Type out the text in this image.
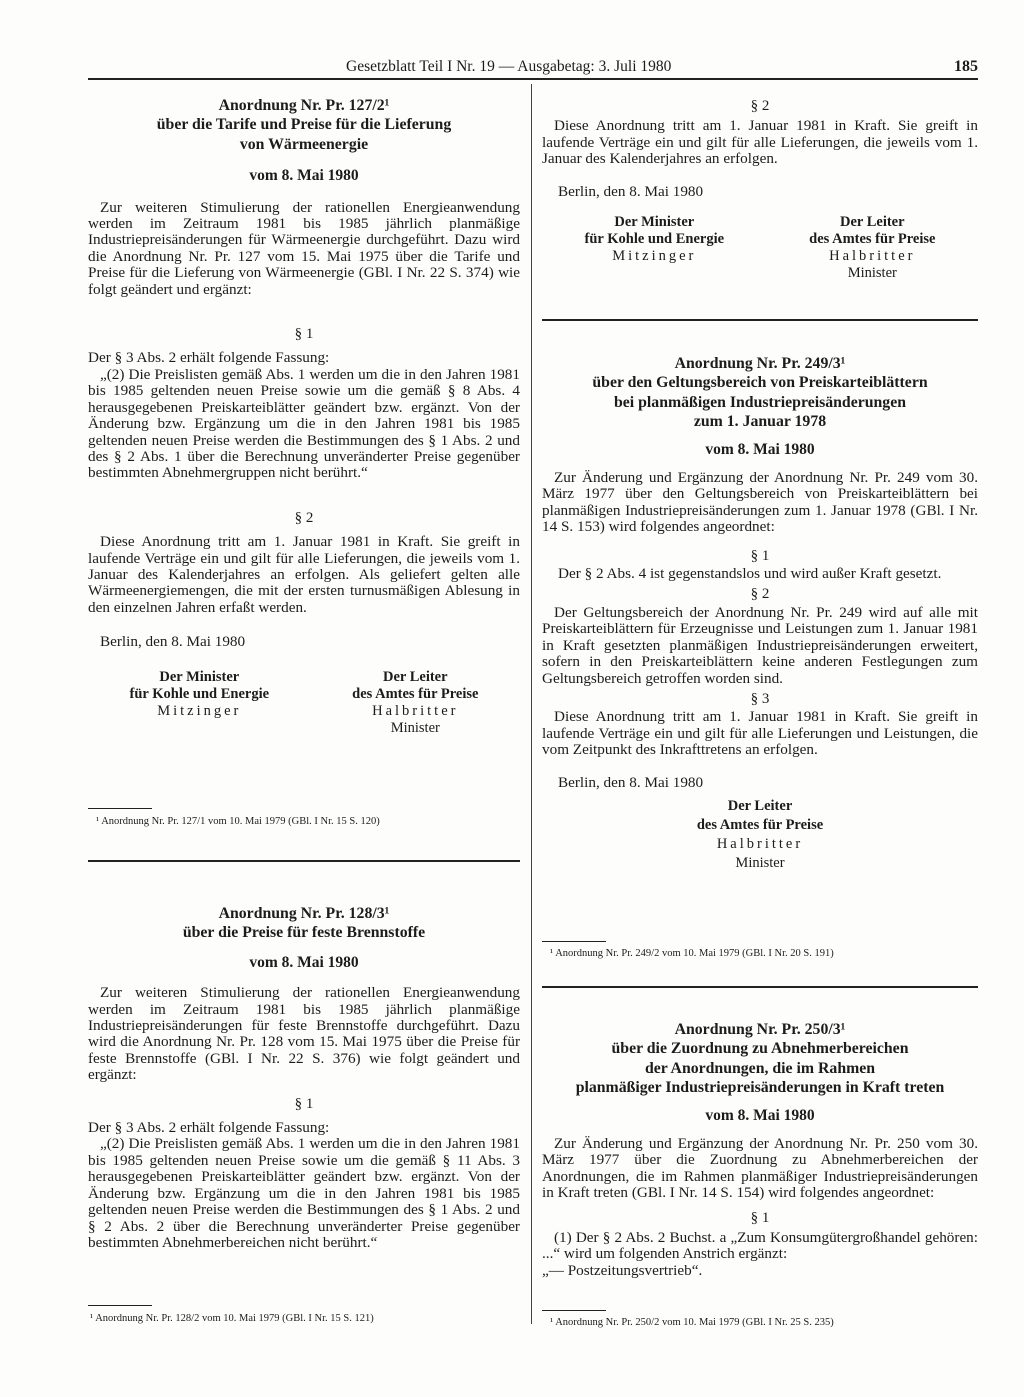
Gesetzblatt Teil I Nr. 19 — Ausgabetag: 3. Juli 1980	185
Anordnung Nr. Pr. 127/2¹
über die Tarife und Preise für die Lieferung
von Wärmeenergie
vom 8. Mai 1980
Zur weiteren Stimulierung der rationellen Energieanwendung werden im Zeitraum 1981 bis 1985 jährlich planmäßige Industriepreisänderungen für Wärmeenergie durchgeführt. Dazu wird die Anordnung Nr. Pr. 127 vom 15. Mai 1975 über die Tarife und Preise für die Lieferung von Wärmeenergie (GBl. I Nr. 22 S. 374) wie folgt geändert und ergänzt:
§ 1
Der § 3 Abs. 2 erhält folgende Fassung:
„(2) Die Preislisten gemäß Abs. 1 werden um die in den Jahren 1981 bis 1985 geltenden neuen Preise sowie um die gemäß § 8 Abs. 4 herausgegebenen Preiskarteiblätter geändert bzw. ergänzt. Von der Änderung bzw. Ergänzung um die in den Jahren 1981 bis 1985 geltenden neuen Preise werden die Bestimmungen des § 1 Abs. 2 und des § 2 Abs. 1 über die Berechnung unveränderter Preise gegenüber bestimmten Abnehmergruppen nicht berührt.“
§ 2
Diese Anordnung tritt am 1. Januar 1981 in Kraft. Sie greift in laufende Verträge ein und gilt für alle Lieferungen, die jeweils vom 1. Januar des Kalenderjahres an erfolgen. Als geliefert gelten alle Wärmeenergiemengen, die mit der ersten turnusmäßigen Ablesung in den einzelnen Jahren erfaßt werden.
Berlin, den 8. Mai 1980
Der Minister
für Kohle und Energie
Mitzinger
Der Leiter
des Amtes für Preise
Halbritter
Minister
¹ Anordnung Nr. Pr. 127/1 vom 10. Mai 1979 (GBl. I Nr. 15 S. 120)
Anordnung Nr. Pr. 128/3¹
über die Preise für feste Brennstoffe
vom 8. Mai 1980
Zur weiteren Stimulierung der rationellen Energieanwendung werden im Zeitraum 1981 bis 1985 jährlich planmäßige Industriepreisänderungen für feste Brennstoffe durchgeführt. Dazu wird die Anordnung Nr. Pr. 128 vom 15. Mai 1975 über die Preise für feste Brennstoffe (GBl. I Nr. 22 S. 376) wie folgt geändert und ergänzt:
§ 1
Der § 3 Abs. 2 erhält folgende Fassung:
„(2) Die Preislisten gemäß Abs. 1 werden um die in den Jahren 1981 bis 1985 geltenden neuen Preise sowie um die gemäß § 11 Abs. 3 herausgegebenen Preiskarteiblätter geändert bzw. ergänzt. Von der Änderung bzw. Ergänzung um die in den Jahren 1981 bis 1985 geltenden neuen Preise werden die Bestimmungen des § 1 Abs. 2 und § 2 Abs. 2 über die Berechnung unveränderter Preise gegenüber bestimmten Abnehmerbereichen nicht berührt.“
¹ Anordnung Nr. Pr. 128/2 vom 10. Mai 1979 (GBl. I Nr. 15 S. 121)
§ 2
Diese Anordnung tritt am 1. Januar 1981 in Kraft. Sie greift in laufende Verträge ein und gilt für alle Lieferungen, die jeweils vom 1. Januar des Kalenderjahres an erfolgen.
Berlin, den 8. Mai 1980
Der Minister
für Kohle und Energie
Mitzinger
Der Leiter
des Amtes für Preise
Halbritter
Minister
Anordnung Nr. Pr. 249/3¹
über den Geltungsbereich von Preiskarteiblättern
bei planmäßigen Industriepreisänderungen
zum 1. Januar 1978
vom 8. Mai 1980
Zur Änderung und Ergänzung der Anordnung Nr. Pr. 249 vom 30. März 1977 über den Geltungsbereich von Preiskarteiblättern bei planmäßigen Industriepreisänderungen zum 1. Januar 1978 (GBl. I Nr. 14 S. 153) wird folgendes angeordnet:
§ 1
Der § 2 Abs. 4 ist gegenstandslos und wird außer Kraft gesetzt.
§ 2
Der Geltungsbereich der Anordnung Nr. Pr. 249 wird auf alle mit Preiskarteiblättern für Erzeugnisse und Leistungen zum 1. Januar 1981 in Kraft gesetzten planmäßigen Industriepreisänderungen erweitert, sofern in den Preiskarteiblättern keine anderen Festlegungen zum Geltungsbereich getroffen worden sind.
§ 3
Diese Anordnung tritt am 1. Januar 1981 in Kraft. Sie greift in laufende Verträge ein und gilt für alle Lieferungen und Leistungen, die vom Zeitpunkt des Inkrafttretens an erfolgen.
Berlin, den 8. Mai 1980
Der Leiter
des Amtes für Preise
Halbritter
Minister
¹ Anordnung Nr. Pr. 249/2 vom 10. Mai 1979 (GBl. I Nr. 20 S. 191)
Anordnung Nr. Pr. 250/3¹
über die Zuordnung zu Abnehmerbereichen
der Anordnungen, die im Rahmen
planmäßiger Industriepreisänderungen in Kraft treten
vom 8. Mai 1980
Zur Änderung und Ergänzung der Anordnung Nr. Pr. 250 vom 30. März 1977 über die Zuordnung zu Abnehmerbereichen der Anordnungen, die im Rahmen planmäßiger Industriepreisänderungen in Kraft treten (GBl. I Nr. 14 S. 154) wird folgendes angeordnet:
§ 1
(1) Der § 2 Abs. 2 Buchst. a „Zum Konsumgütergroßhandel gehören: ...“ wird um folgenden Anstrich ergänzt:
„— Postzeitungsvertrieb“.
¹ Anordnung Nr. Pr. 250/2 vom 10. Mai 1979 (GBl. I Nr. 25 S. 235)
